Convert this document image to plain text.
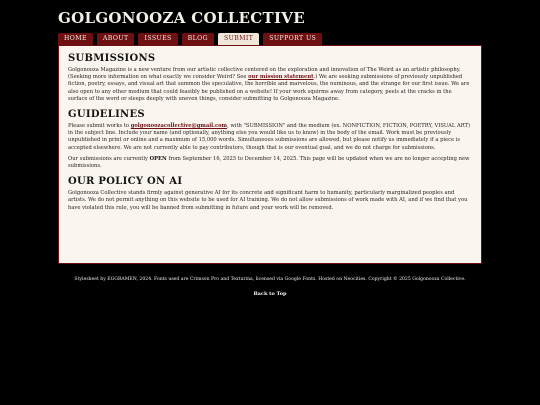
GOLGONOOZA COLLECTIVE
HOME	ABOUT	ISSUES	BLOG	SUBMIT	SUPPORT US
SUBMISSIONS

Golgonooza Magazine is a new venture from our artistic collective centered on the exploration and innovation of The Weird as an artistic philosophy. (Seeking more information on what exactly we consider Weird? See our mission statement.) We are seeking submissions of previously unpublished fiction, poetry, essays, and visual art that summon the speculative, the horrible and marvelous, the numinous, and the strange for our first issue. We are also open to any other medium that could feasibly be published on a website! If your work squirms away from category, peels at the cracks in the surface of the word or sleeps deeply with uneven things, consider submitting to Golgonooza Magazine.

GUIDELINES

Please submit works to golgonoozacollective@gmail.com, with "SUBMISSION" and the medium (ex. NONFICTION, FICTION, POETRY, VISUAL ART) in the subject line. Include your name (and optionally, anything else you would like us to know) in the body of the email. Work must be previously unpublished in print or online and a maximum of 15,000 words. Simultaneous submissions are allowed, but please notify us immediately if a piece is accepted elsewhere. We are not currently able to pay contributors, though that is our eventual goal, and we do not charge for submissions.

Our submissions are currently OPEN from September 16, 2025 to December 14, 2025. This page will be updated when we are no longer accepting new submissions.

OUR POLICY ON AI

Golgonooza Collective stands firmly against generative AI for its concrete and significant harm to humanity, particularly marginalized peoples and artists. We do not permit anything on this website to be used for AI training. We do not allow submissions of work made with AI, and if we find that you have violated this rule, you will be banned from submitting in future and your work will be removed.

Stylesheet by EGGRAMEN, 2024. Fonts used are Crimson Pro and Texturina, licensed via Google Fonts. Hosted on Neocities. Copyright © 2025 Golgonooza Collective.
Back to Top
